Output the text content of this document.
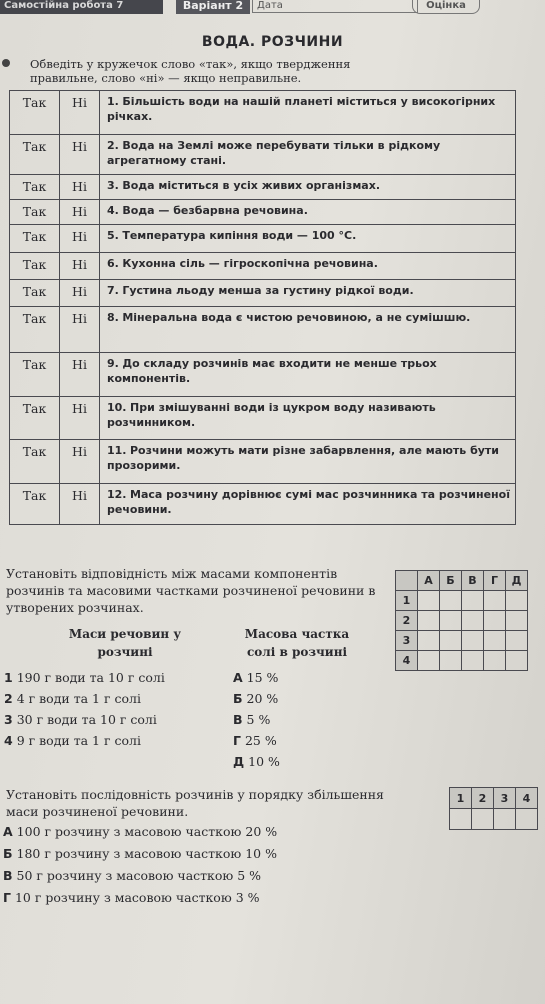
Самостійна робота 7	Варіант 2	Дата	Оцінка
ВОДА. РОЗЧИНИ
Обведіть у кружечок слово «так», якщо твердження правильне, слово «ні» — якщо неправильне.
Так	Ні	1. Більшість води на нашій планеті міститься у високогірних річках.
Так	Ні	2. Вода на Землі може перебувати тільки в рідкому агрегатному стані.
Так	Ні	3. Вода міститься в усіх живих організмах.
Так	Ні	4. Вода — безбарвна речовина.
Так	Ні	5. Температура кипіння води — 100 °С.
Так	Ні	6. Кухонна сіль — гігроскопічна речовина.
Так	Ні	7. Густина льоду менша за густину рідкої води.
Так	Ні	8. Мінеральна вода є чистою речовиною, а не сумішшю.
Так	Ні	9. До складу розчинів має входити не менше трьох компонентів.
Так	Ні	10. При змішуванні води із цукром воду називають розчинником.
Так	Ні	11. Розчини можуть мати різне забарвлення, але мають бути прозорими.
Так	Ні	12. Маса розчину дорівнює сумі мас розчинника та розчиненої речовини.
Установіть відповідність між масами компонентів розчинів та масовими частками розчиненої речовини в утворених розчинах.
	А	Б	В	Г	Д
1					
2					
3					
4					
Маси речовин у розчині
Масова частка солі в розчині
1 190 г води та 10 г солі
2 4 г води та 1 г солі
3 30 г води та 10 г солі
4 9 г води та 1 г солі
А 15 %
Б 20 %
В 5 %
Г 25 %
Д 10 %
Установіть послідовність розчинів у порядку збільшення маси розчиненої речовини.
1	2	3	4

А 100 г розчину з масовою часткою 20 %
Б 180 г розчину з масовою часткою 10 %
В 50 г розчину з масовою часткою 5 %
Г 10 г розчину з масовою часткою 3 %
